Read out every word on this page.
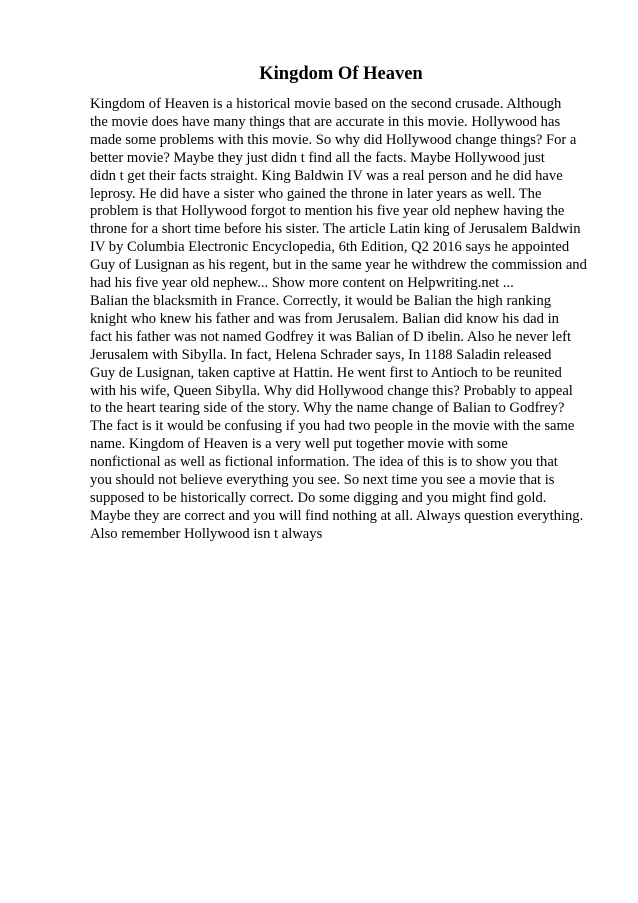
Kingdom Of Heaven
Kingdom of Heaven is a historical movie based on the second crusade. Although
the movie does have many things that are accurate in this movie. Hollywood has
made some problems with this movie. So why did Hollywood change things? For a
better movie? Maybe they just didn t find all the facts. Maybe Hollywood just
didn t get their facts straight. King Baldwin IV was a real person and he did have
leprosy. He did have a sister who gained the throne in later years as well. The
problem is that Hollywood forgot to mention his five year old nephew having the
throne for a short time before his sister. The article Latin king of Jerusalem Baldwin
IV by Columbia Electronic Encyclopedia, 6th Edition, Q2 2016 says he appointed
Guy of Lusignan as his regent, but in the same year he withdrew the commission and
had his five year old nephew... Show more content on Helpwriting.net ...
Balian the blacksmith in France. Correctly, it would be Balian the high ranking
knight who knew his father and was from Jerusalem. Balian did know his dad in
fact his father was not named Godfrey it was Balian of D ibelin. Also he never left
Jerusalem with Sibylla. In fact, Helena Schrader says, In 1188 Saladin released
Guy de Lusignan, taken captive at Hattin. He went first to Antioch to be reunited
with his wife, Queen Sibylla. Why did Hollywood change this? Probably to appeal
to the heart tearing side of the story. Why the name change of Balian to Godfrey?
The fact is it would be confusing if you had two people in the movie with the same
name. Kingdom of Heaven is a very well put together movie with some
nonfictional as well as fictional information. The idea of this is to show you that
you should not believe everything you see. So next time you see a movie that is
supposed to be historically correct. Do some digging and you might find gold.
Maybe they are correct and you will find nothing at all. Always question everything.
Also remember Hollywood isn t always
